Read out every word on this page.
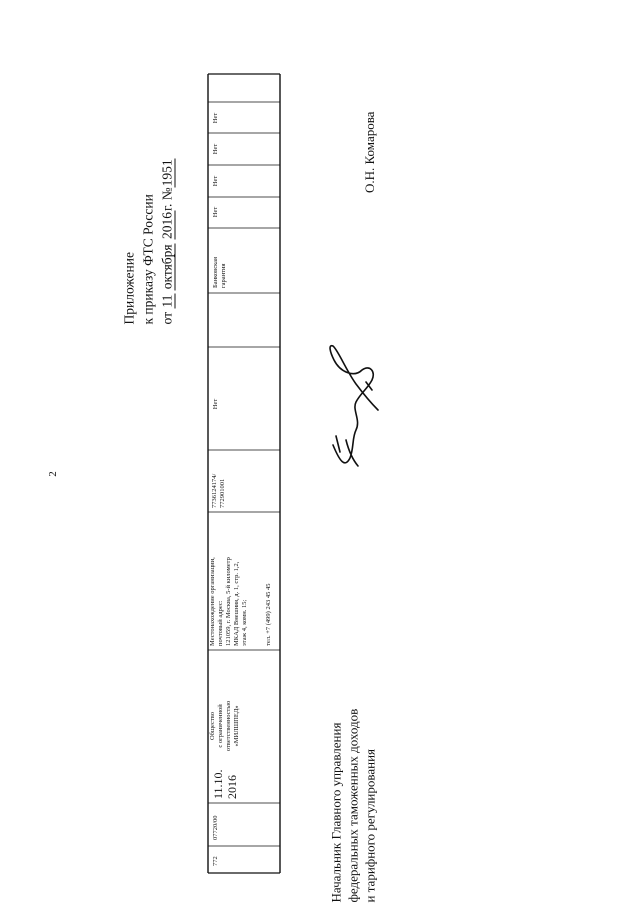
2
Приложение к приказу ФТС России от 11 октября 2016г. №1951
772
07720/00
11.10. 2016
Общество с ограниченной ответственностью «МИЛШПЕД»
Местонахождение организации, почтовый адрес: 121059, г. Москва, 5-й километр МКАД Внешняя, д. 1, стр. 1,2, этаж 4, комн. 15;	тел. +7 (499) 243 45 45
7736124174/ 772901001
Нет
Банковская гарантия
Нет
Нет
Нет
Нет	О.Н. Комарова
Начальник Главного управления федеральных таможенных доходов и тарифного регулирования
